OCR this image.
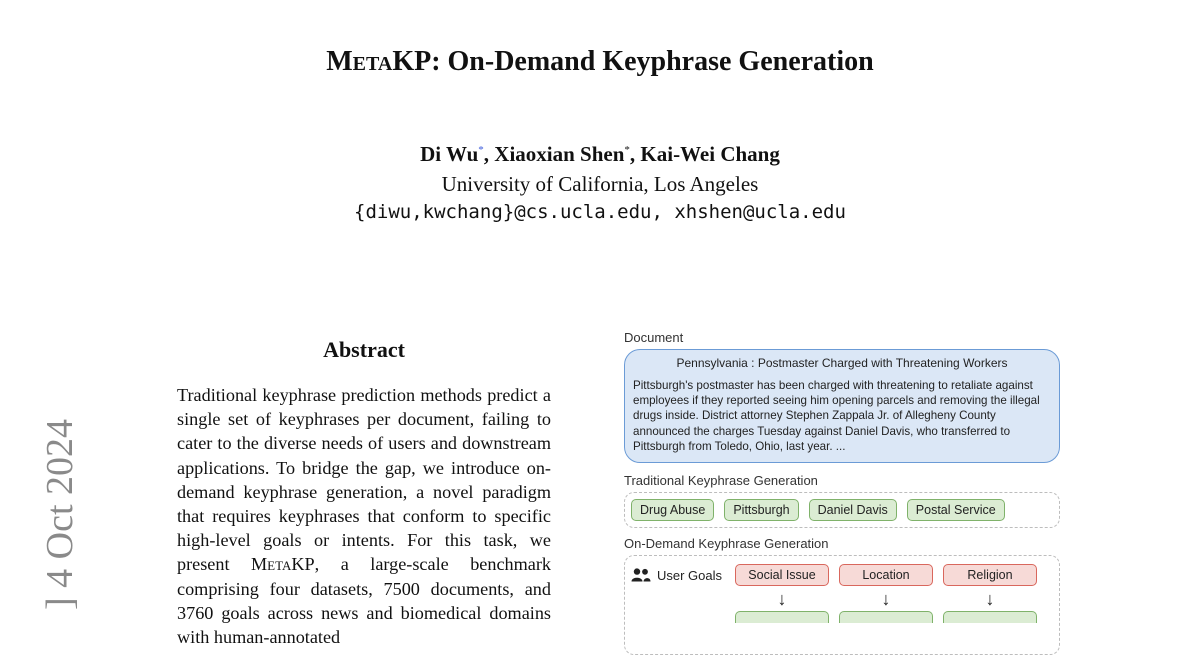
MetaKP: On-Demand Keyphrase Generation
Di Wu*, Xiaoxian Shen*, Kai-Wei Chang
University of California, Los Angeles
{diwu,kwchang}@cs.ucla.edu, xhshen@ucla.edu
] 4 Oct 2024
Abstract
Traditional keyphrase prediction methods predict a single set of keyphrases per document, failing to cater to the diverse needs of users and downstream applications. To bridge the gap, we introduce on-demand keyphrase generation, a novel paradigm that requires keyphrases that conform to specific high-level goals or intents. For this task, we present MetaKP, a large-scale benchmark comprising four datasets, 7500 documents, and 3760 goals across news and biomedical domains with human-annotated
Document
Pennsylvania : Postmaster Charged with Threatening Workers
Pittsburgh's postmaster has been charged with threatening to retaliate against employees if they reported seeing him opening parcels and removing the illegal drugs inside. District attorney Stephen Zappala Jr. of Allegheny County announced the charges Tuesday against Daniel Davis, who transferred to Pittsburgh from Toledo, Ohio, last year. ...
Traditional Keyphrase Generation
Drug Abuse	Pittsburgh	Daniel Davis	Postal Service
On-Demand Keyphrase Generation
User Goals	Social Issue	Location	Religion
↓	↓	↓
